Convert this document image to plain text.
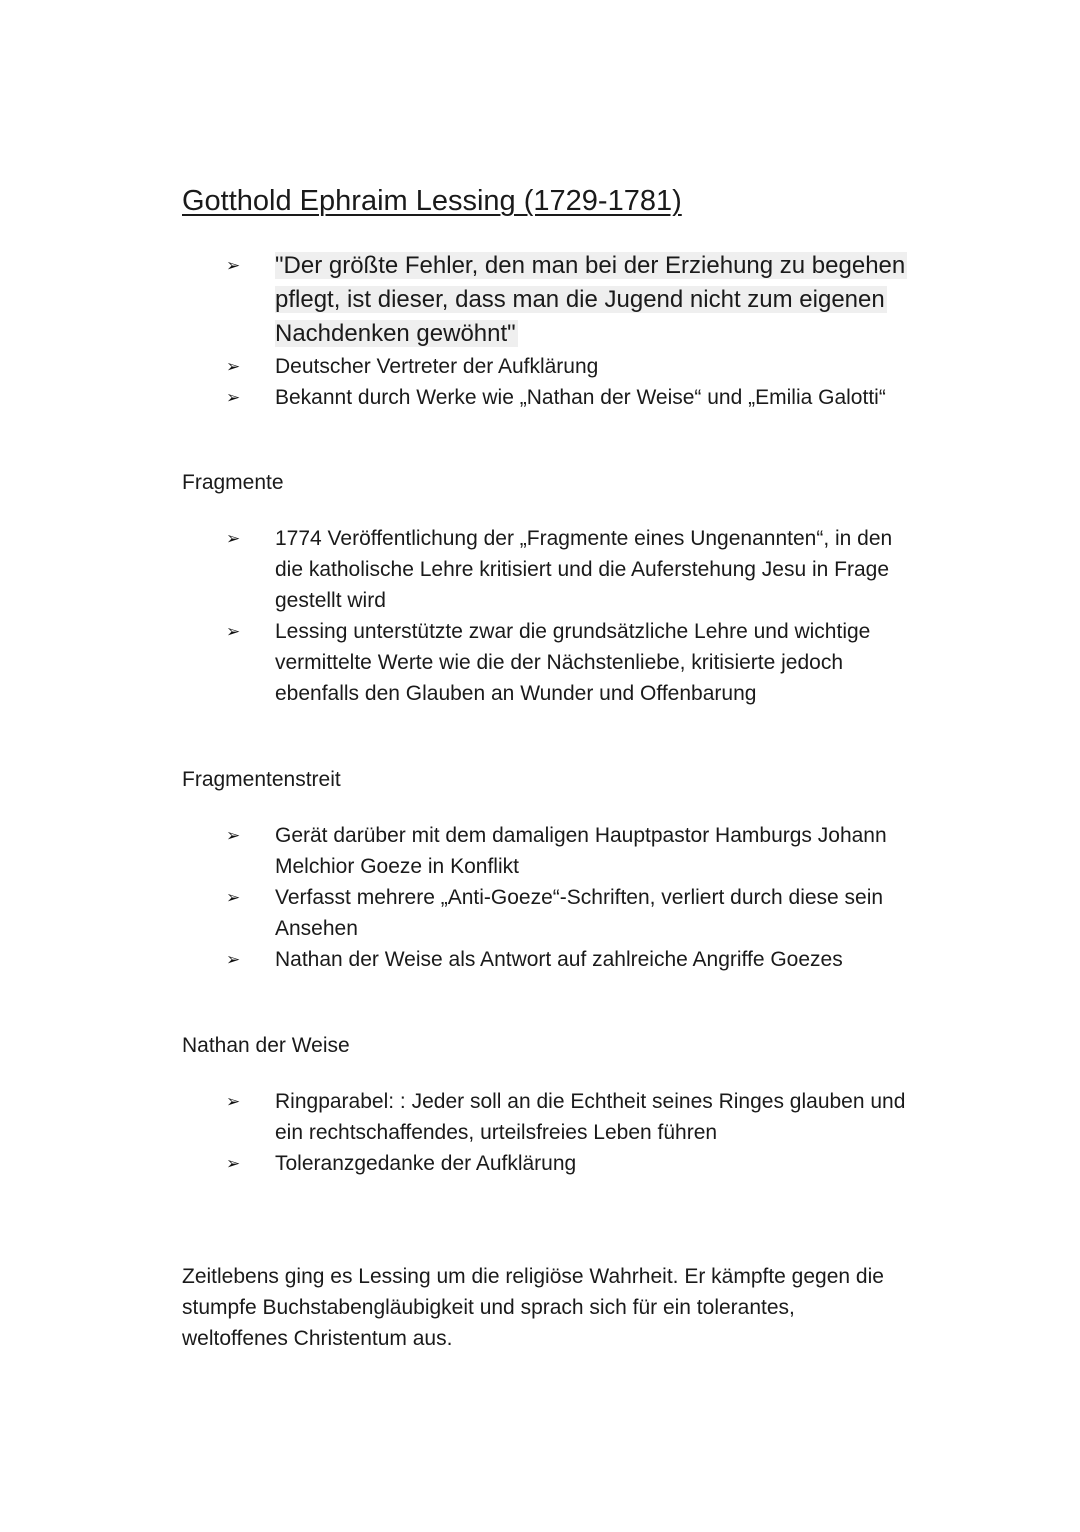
Gotthold Ephraim Lessing (1729-1781)
➢	"Der größte Fehler, den man bei der Erziehung zu begehen pflegt, ist dieser, dass man die Jugend nicht zum eigenen Nachdenken gewöhnt"
➢	Deutscher Vertreter der Aufklärung
➢	Bekannt durch Werke wie „Nathan der Weise“ und „Emilia Galotti“
Fragmente
➢	1774 Veröffentlichung der „Fragmente eines Ungenannten“, in den die katholische Lehre kritisiert und die Auferstehung Jesu in Frage gestellt wird
➢	Lessing unterstützte zwar die grundsätzliche Lehre und wichtige vermittelte Werte wie die der Nächstenliebe, kritisierte jedoch ebenfalls den Glauben an Wunder und Offenbarung
Fragmentenstreit
➢	Gerät darüber mit dem damaligen Hauptpastor Hamburgs Johann Melchior Goeze in Konflikt
➢	Verfasst mehrere „Anti-Goeze“-Schriften, verliert durch diese sein Ansehen
➢	Nathan der Weise als Antwort auf zahlreiche Angriffe Goezes
Nathan der Weise
➢	Ringparabel: : Jeder soll an die Echtheit seines Ringes glauben und ein rechtschaffendes, urteilsfreies Leben führen
➢	Toleranzgedanke der Aufklärung

Zeitlebens ging es Lessing um die religiöse Wahrheit. Er kämpfte gegen die stumpfe Buchstabengläubigkeit und sprach sich für ein tolerantes, weltoffenes Christentum aus.
